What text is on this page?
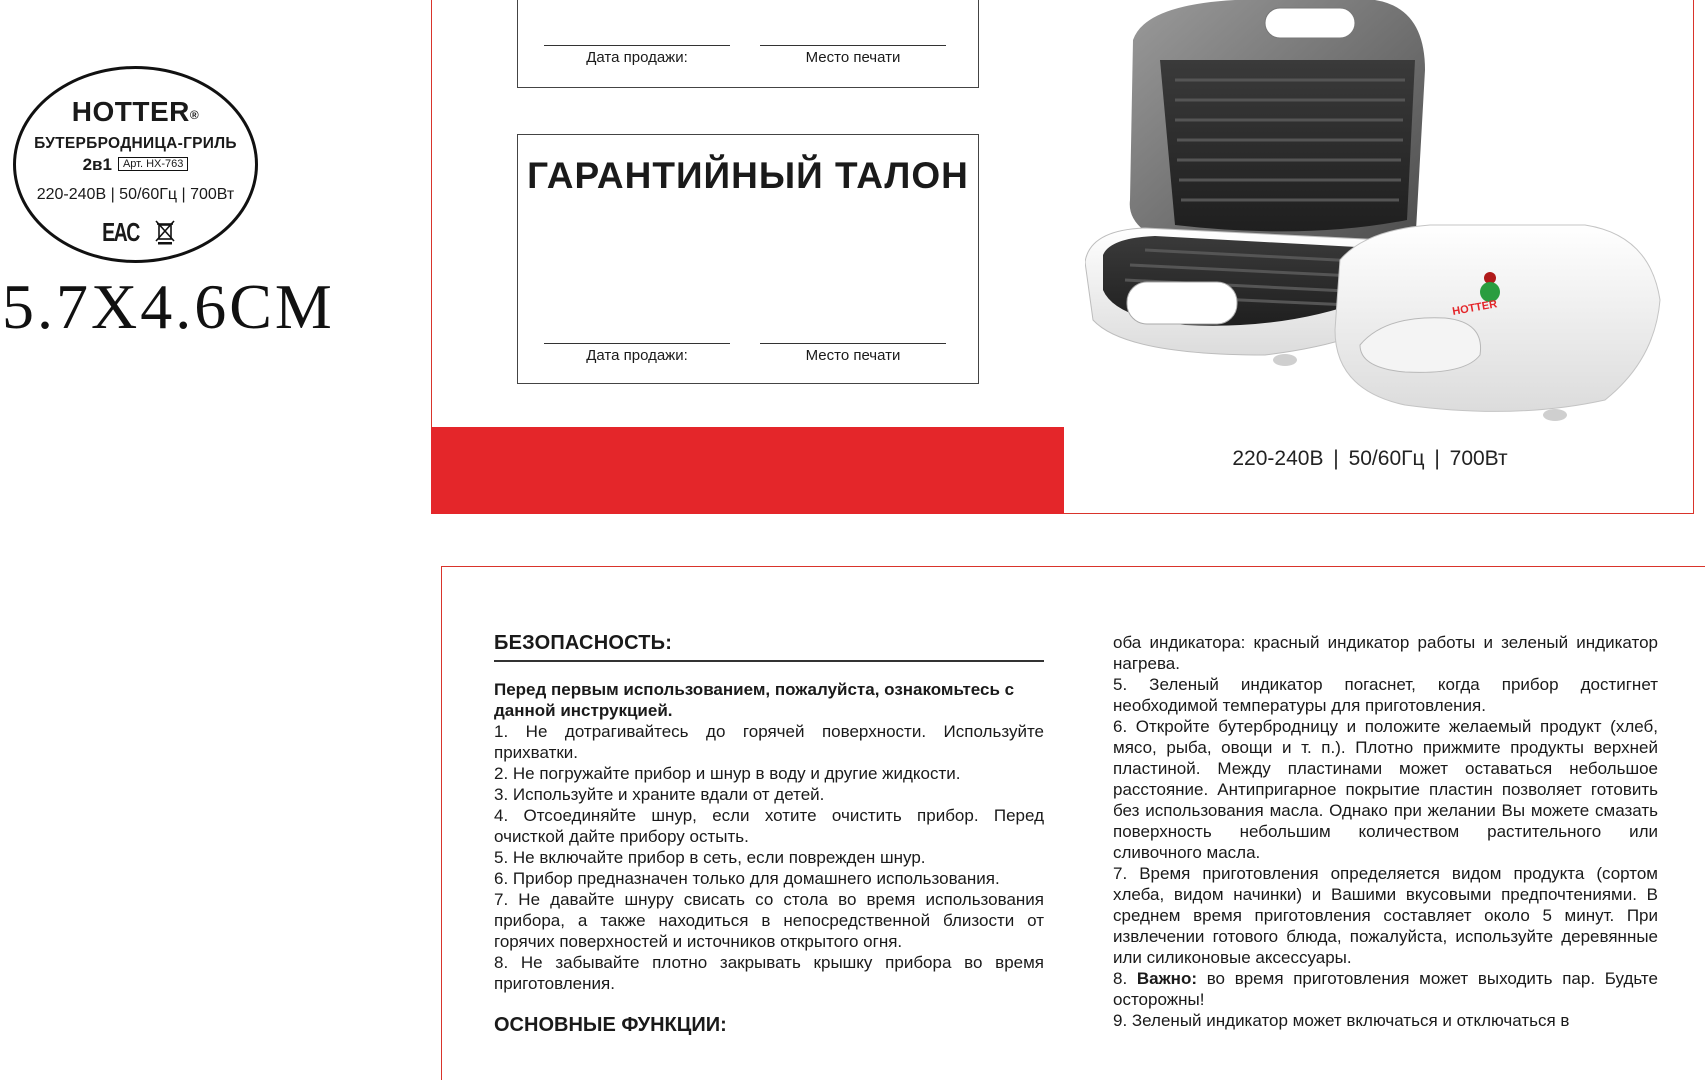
HOTTER®
БУТЕРБРОДНИЦА-ГРИЛЬ
2в1 Арт. HX-763
220-240В | 50/60Гц | 700Вт
EAC
5.7X4.6CM
Дата продажи:	Место печати
ГАРАНТИЙНЫЙ ТАЛОН
Дата продажи:	Место печати
HOTTER
220-240В | 50/60Гц | 700Вт
БЕЗОПАСНОСТЬ:
Перед первым использованием, пожалуйста, ознакомьтесь с данной инструкцией.
1. Не дотрагивайтесь до горячей поверхности. Используйте прихватки.
2. Не погружайте прибор и шнур в воду и другие жидкости.
3. Используйте и храните вдали от детей.
4. Отсоединяйте шнур, если хотите очистить прибор. Перед очисткой дайте прибору остыть.
5. Не включайте прибор в сеть, если поврежден шнур.
6. Прибор предназначен только для домашнего использования.
7. Не давайте шнуру свисать со стола во время использования прибора, а также находиться в непосредственной близости от горячих поверхностей и источников открытого огня.
8. Не забывайте плотно закрывать крышку прибора во время приготовления.
ОСНОВНЫЕ ФУНКЦИИ:
оба индикатора: красный индикатор работы и зеленый индикатор нагрева.
5. Зеленый индикатор погаснет, когда прибор достигнет необходимой температуры для приготовления.
6. Откройте бутербродницу и положите желаемый продукт (хлеб, мясо, рыба, овощи и т. п.). Плотно прижмите продукты верхней пластиной. Между пластинами может оставаться небольшое расстояние. Антипригарное покрытие пластин позволяет готовить без использования масла. Однако при желании Вы можете смазать поверхность небольшим количеством растительного или сливочного масла.
7. Время приготовления определяется видом продукта (сортом хлеба, видом начинки) и Вашими вкусовыми предпочтениями. В среднем время приготовления составляет около 5 минут. При извлечении готового блюда, пожалуйста, используйте деревянные или силиконовые аксессуары.
8. Важно: во время приготовления может выходить пар. Будьте осторожны!
9. Зеленый индикатор может включаться и отключаться в
